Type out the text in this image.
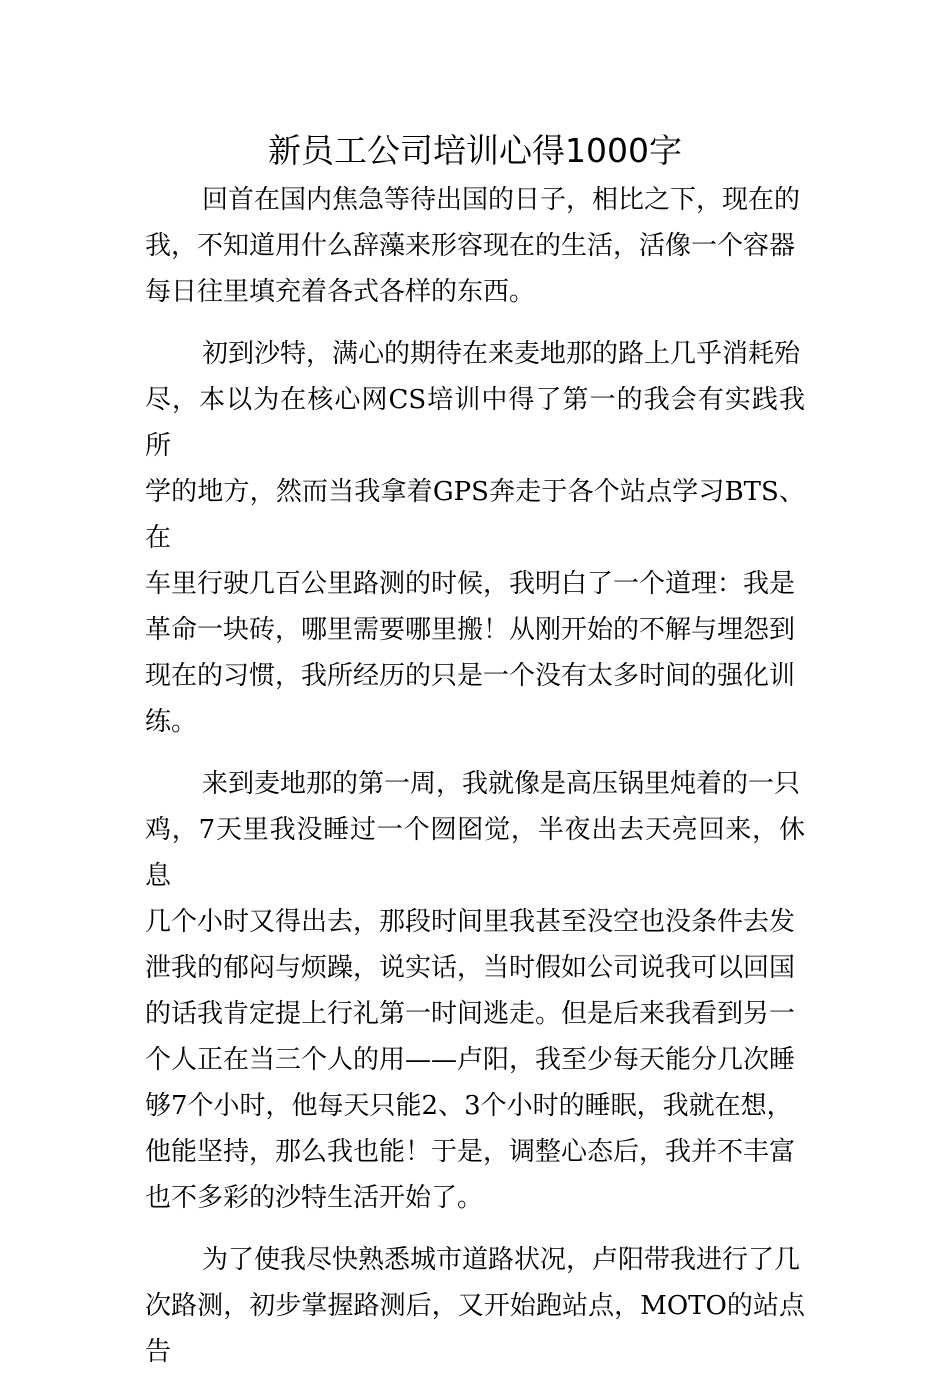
新员工公司培训心得1000字
回首在国内焦急等待出国的日子，相比之下，现在的
我，不知道用什么辞藻来形容现在的生活，活像一个容器
每日往里填充着各式各样的东西。
初到沙特，满心的期待在来麦地那的路上几乎消耗殆
尽，本以为在核心网CS培训中得了第一的我会有实践我所
学的地方，然而当我拿着GPS奔走于各个站点学习BTS、在
车里行驶几百公里路测的时候，我明白了一个道理：我是
革命一块砖，哪里需要哪里搬！从刚开始的不解与埋怨到
现在的习惯，我所经历的只是一个没有太多时间的强化训
练。
来到麦地那的第一周，我就像是高压锅里炖着的一只
鸡，7天里我没睡过一个囫囵觉，半夜出去天亮回来，休息
几个小时又得出去，那段时间里我甚至没空也没条件去发
泄我的郁闷与烦躁，说实话，当时假如公司说我可以回国
的话我肯定提上行礼第一时间逃走。但是后来我看到另一
个人正在当三个人的用——卢阳，我至少每天能分几次睡
够7个小时，他每天只能2、3个小时的睡眠，我就在想，
他能坚持，那么我也能！于是，调整心态后，我并不丰富
也不多彩的沙特生活开始了。
为了使我尽快熟悉城市道路状况，卢阳带我进行了几
次路测，初步掌握路测后，又开始跑站点，MOTO的站点告
